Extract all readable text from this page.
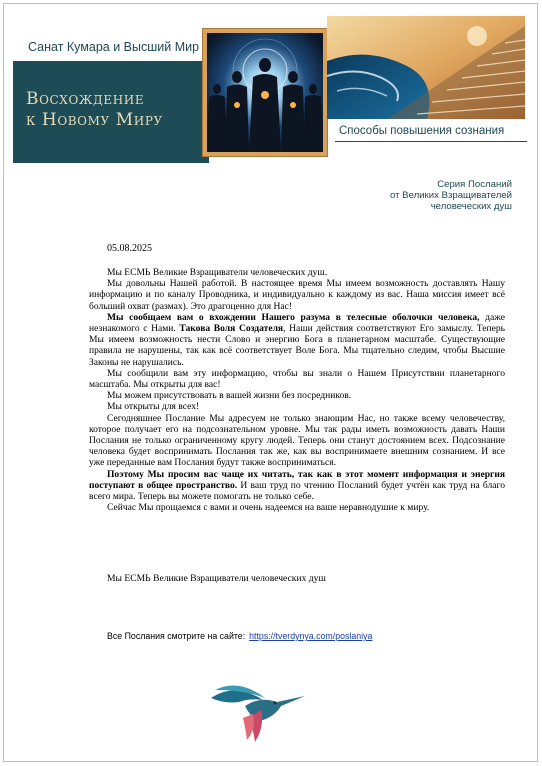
Санат Кумара и Высший Мир
Восхождение
к Новому Миру
Способы повышения сознания
Серия Посланий
от Великих Взращивателей
человеческих душ
05.08.2025

Мы ЕСМЬ Великие Взращиватели человеческих душ.

Мы довольны Нашей работой. В настоящее время Мы имеем возможность доставлять Нашу информацию и по каналу Проводника, и индивидуально к каждому из вас. Наша миссия имеет всё больший охват (размах). Это драгоценно для Нас!

Мы сообщаем вам о вхождении Нашего разума в телесные оболочки человека, даже незнакомого с Нами. Такова Воля Создателя, Наши действия соответствуют Его замыслу. Теперь Мы имеем возможность нести Слово и энергию Бога в планетарном масштабе. Существующие правила не нарушены, так как всё соответствует Воле Бога. Мы тщательно следим, чтобы Высшие Законы не нарушались.

Мы сообщили вам эту информацию, чтобы вы знали о Нашем Присутствии планетарного масштаба. Мы открыты для вас!

Мы можем присутствовать в вашей жизни без посредников.

Мы открыты для всех!

Сегодняшнее Послание Мы адресуем не только знающим Нас, но также всему человечеству, которое получает его на подсознательном уровне. Мы так рады иметь возможность давать Наши Послания не только ограниченному кругу людей. Теперь они станут достоянием всех. Подсознание человека будет воспринимать Послания так же, как вы воспринимаете внешним сознанием. И все уже переданные вам Послания будут также восприниматься.

Поэтому Мы просим вас чаще их читать, так как в этот момент информация и энергия поступают в общее пространство. И ваш труд по чтению Посланий будет учтён как труд на благо всего мира. Теперь вы можете помогать не только себе.

Сейчас Мы прощаемся с вами и очень надеемся на ваше неравнодушие к миру.

Мы ЕСМЬ Великие Взращиватели человеческих душ
Все Послания смотрите на сайте: https://tverdynya.com/poslaniya
